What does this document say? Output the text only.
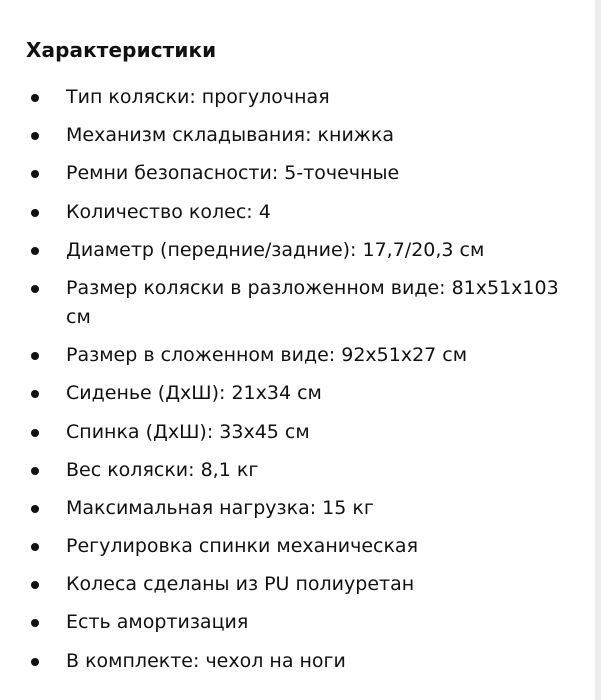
Характеристики
Тип коляски: прогулочная
Механизм складывания: книжка
Ремни безопасности: 5-точечные
Количество колес: 4
Диаметр (передние/задние): 17,7/20,3 см
Размер коляски в разложенном виде: 81х51х103 см
Размер в сложенном виде: 92х51х27 см
Сиденье (ДхШ): 21х34 см
Спинка (ДхШ): 33х45 см
Вес коляски: 8,1 кг
Максимальная нагрузка: 15 кг
Регулировка спинки механическая
Колеса сделаны из PU полиуретан
Есть амортизация
В комплекте: чехол на ноги
